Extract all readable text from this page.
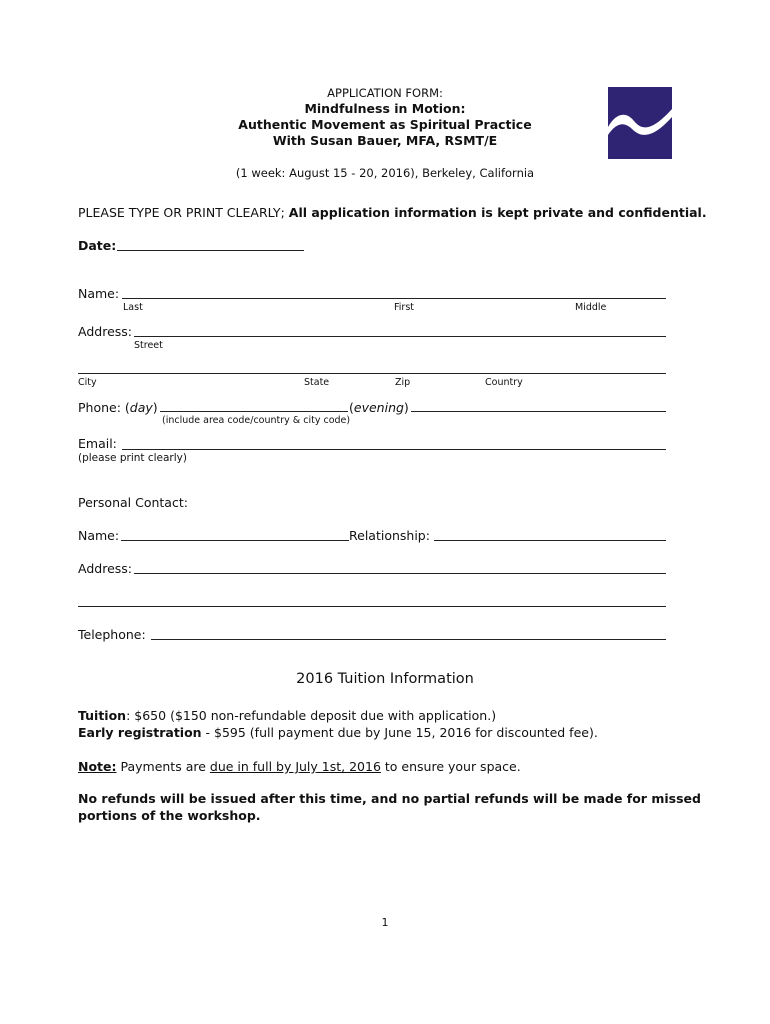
APPLICATION FORM:
Mindfulness in Motion:
Authentic Movement as Spiritual Practice
With Susan Bauer, MFA, RSMT/E
(1 week: August 15 - 20, 2016), Berkeley, California
PLEASE TYPE OR PRINT CLEARLY; All application information is kept private and confidential.
Date:
Name:
Last	First	Middle
Address:
Street
City	State	Zip	Country
Phone: (day)	(evening)
(include area code/country & city code)
Email:
(please print clearly)
Personal Contact:
Name:	Relationship:
Address:
Telephone:
2016 Tuition Information
Tuition: $650 ($150 non-refundable deposit due with application.)
Early registration - $595 (full payment due by June 15, 2016 for discounted fee).
Note: Payments are due in full by July 1st, 2016 to ensure your space.
No refunds will be issued after this time, and no partial refunds will be made for missed
portions of the workshop.
1
